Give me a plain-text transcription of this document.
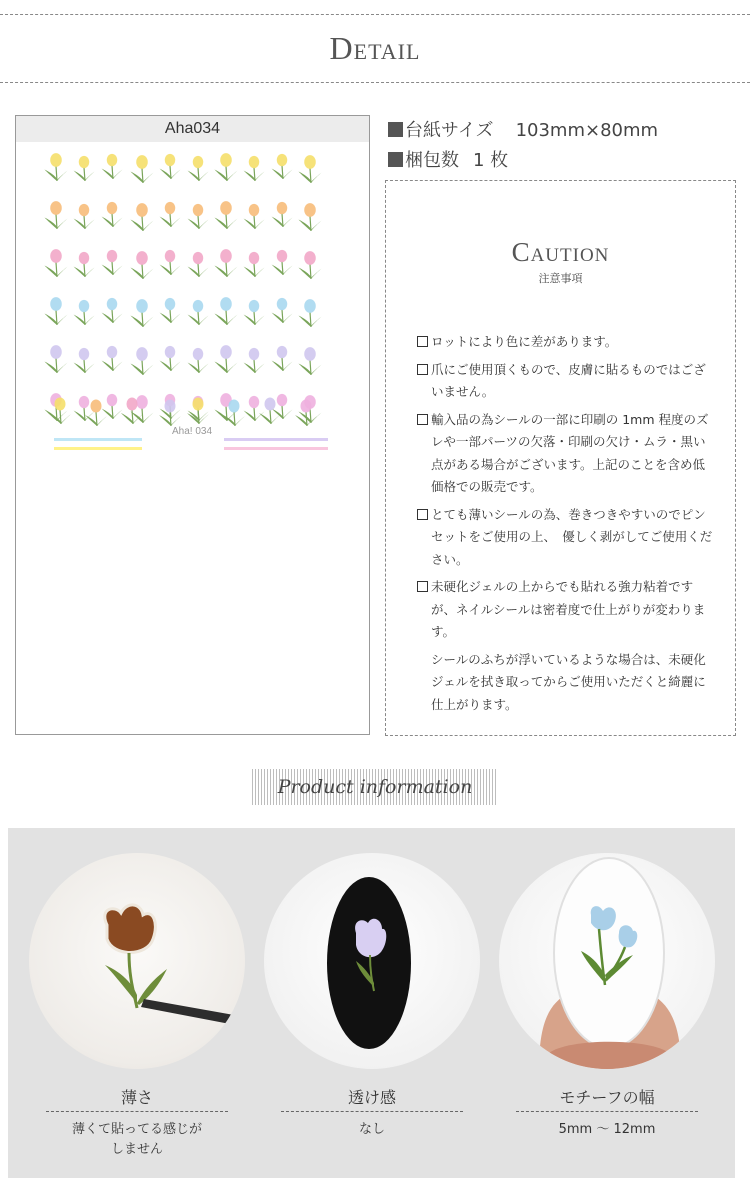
Detail
Aha034
Aha! 034
台紙サイズ 103mm×80mm
梱包数 1 枚
Caution
注意事項
ロットにより色に差があります。
爪にご使用頂くもので、皮膚に貼るものではございません。
輸入品の為シールの一部に印刷の 1mm 程度のズレや一部パーツの欠落・印刷の欠け・ムラ・黒い点がある場合がございます。上記のことを含め低価格での販売です。
とても薄いシールの為、巻きつきやすいのでピンセットをご使用の上、　優しく剥がしてご使用ください。
未硬化ジェルの上からでも貼れる強力粘着ですが、ネイルシールは密着度で仕上がりが変わります。
シールのふちが浮いているような場合は、未硬化ジェルを拭き取ってからご使用いただくと綺麗に仕上がります。
Product information
薄さ
薄くて貼ってる感じがしません
透け感
なし
モチーフの幅
5mm 〜 12mm
